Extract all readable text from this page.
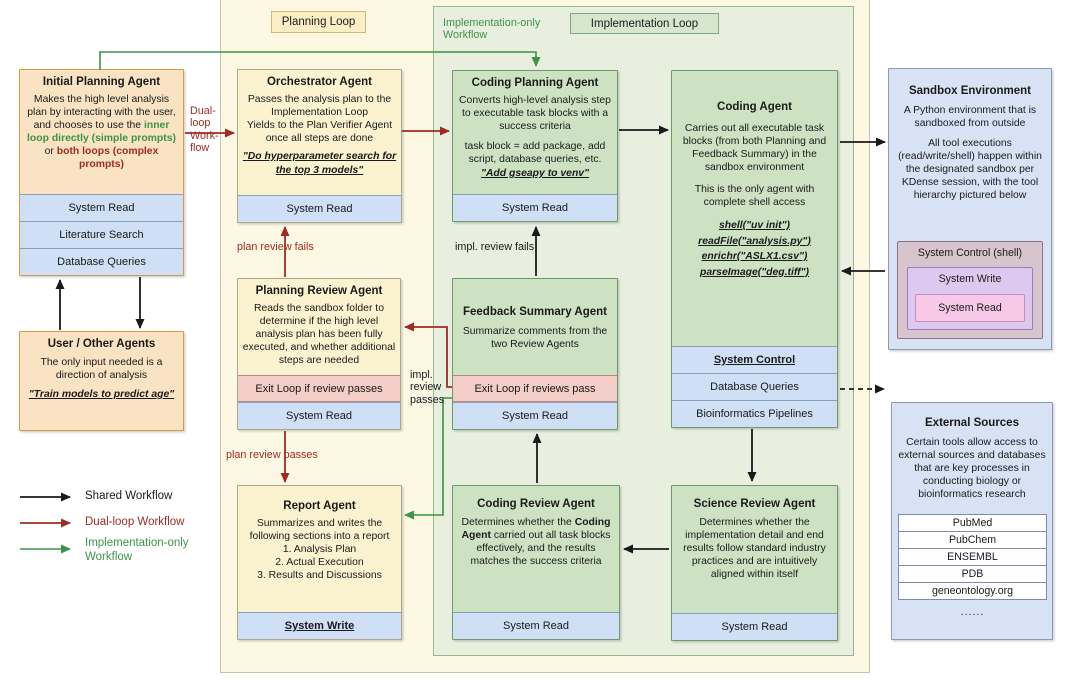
Planning Loop	Implementation Loop
Initial Planning Agent
Makes the high level analysis plan by interacting with the user, and chooses to use the inner loop directly (simple prompts) or both loops (complex prompts)
System Read
Literature Search
Database Queries
User / Other Agents
The only input needed is a direction of analysis
"Train models to predict age"
Orchestrator Agent
Passes the analysis plan to the Implementation Loop
Yields to the Plan Verifier Agent once all steps are done
"Do hyperparameter search for the top 3 models"
System Read
Planning Review Agent
Reads the sandbox folder to determine if the high level analysis plan has been fully executed, and whether additional steps are needed
Exit Loop if review passes
System Read
Report Agent
Summarizes and writes the following sections into a report
1. Analysis Plan
2. Actual Execution
3. Results and Discussions
System Write
Coding Planning Agent
Converts high-level analysis step to executable task blocks with a success criteria
task block = add package, add script, database queries, etc.
"Add gseapy to venv"
System Read
Feedback Summary Agent
Summarize comments from the two Review Agents
Exit Loop if reviews pass
System Read
Coding Review Agent
Determines whether the Coding Agent carried out all task blocks effectively, and the results matches the success criteria
System Read
Coding Agent
Carries out all executable task blocks (from both Planning and Feedback Summary) in the sandbox environment
This is the only agent with complete shell access
shell("uv init")
readFile("analysis.py")
enrichr("ASLX1.csv")
parseImage("deg.tiff")
System Control
Database Queries
Bioinformatics Pipelines
Science Review Agent
Determines whether the implementation detail and end results follow standard industry practices and are intuitively aligned within itself
System Read
Sandbox Environment
A Python environment that is sandboxed from outside
All tool executions (read/write/shell) happen within the designated sandbox per KDense session, with the tool hierarchy pictured below
System Control (shell)
System Write
System Read
External Sources
Certain tools allow access to external sources and databases that are key processes in conducting biology or bioinformatics research
PubMed
PubChem
ENSEMBL
PDB
geneontology.org
......
Dual-
loop
Work-
flow
Implementation-only
Workflow
plan review fails
plan review passes
impl. review fails
impl.
review
passes
Shared Workflow
Dual-loop Workflow
Implementation-only
Workflow
